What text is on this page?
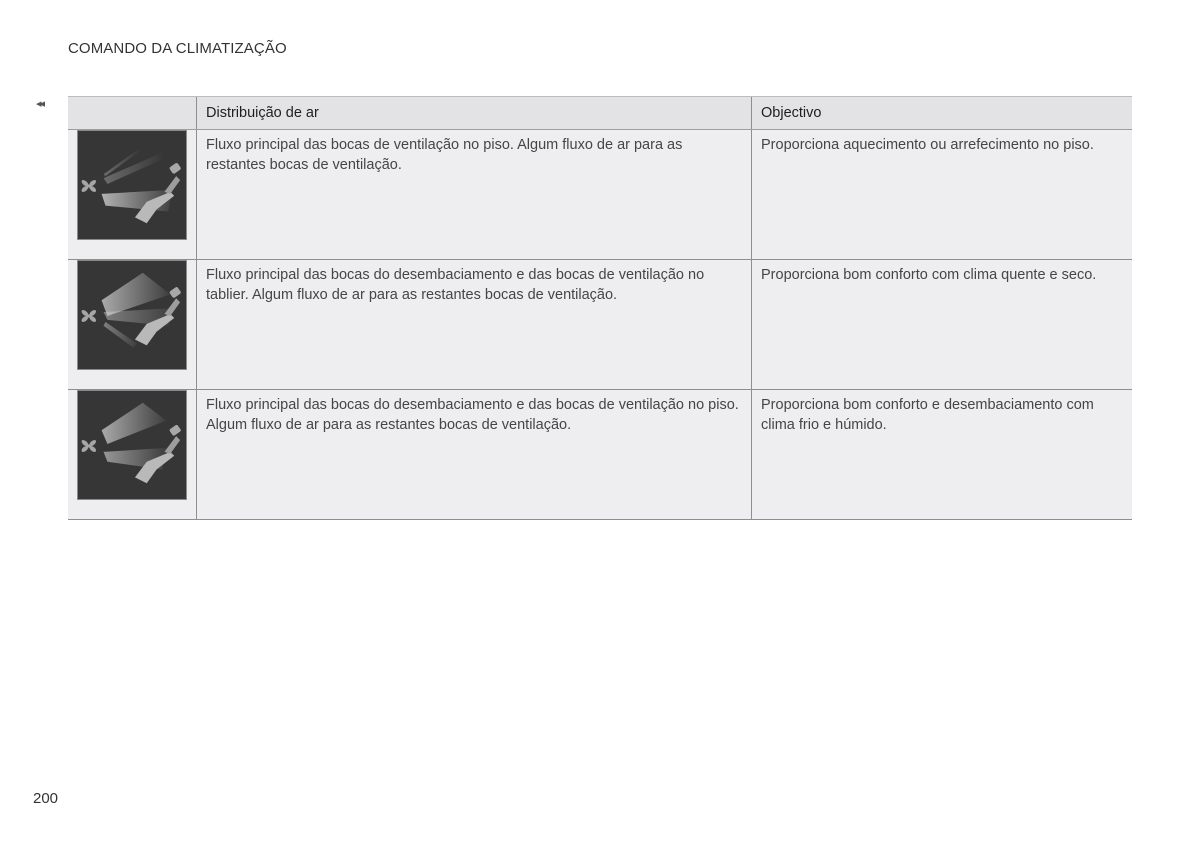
COMANDO DA CLIMATIZAÇÃO
◂◂
	Distribuição de ar	Objectivo

	Fluxo principal das bocas de ventilação no piso. Algum fluxo de ar para as restantes bocas de ventilação.	Proporciona aquecimento ou arrefecimento no piso.

	Fluxo principal das bocas do desembaciamento e das bocas de ventilação no tablier. Algum fluxo de ar para as restantes bocas de ventilação.	Proporciona bom conforto com clima quente e seco.

	Fluxo principal das bocas do desembaciamento e das bocas de ventilação no piso. Algum fluxo de ar para as restantes bocas de ventilação.	Proporciona bom conforto e desembaciamento com clima frio e húmido.
200
